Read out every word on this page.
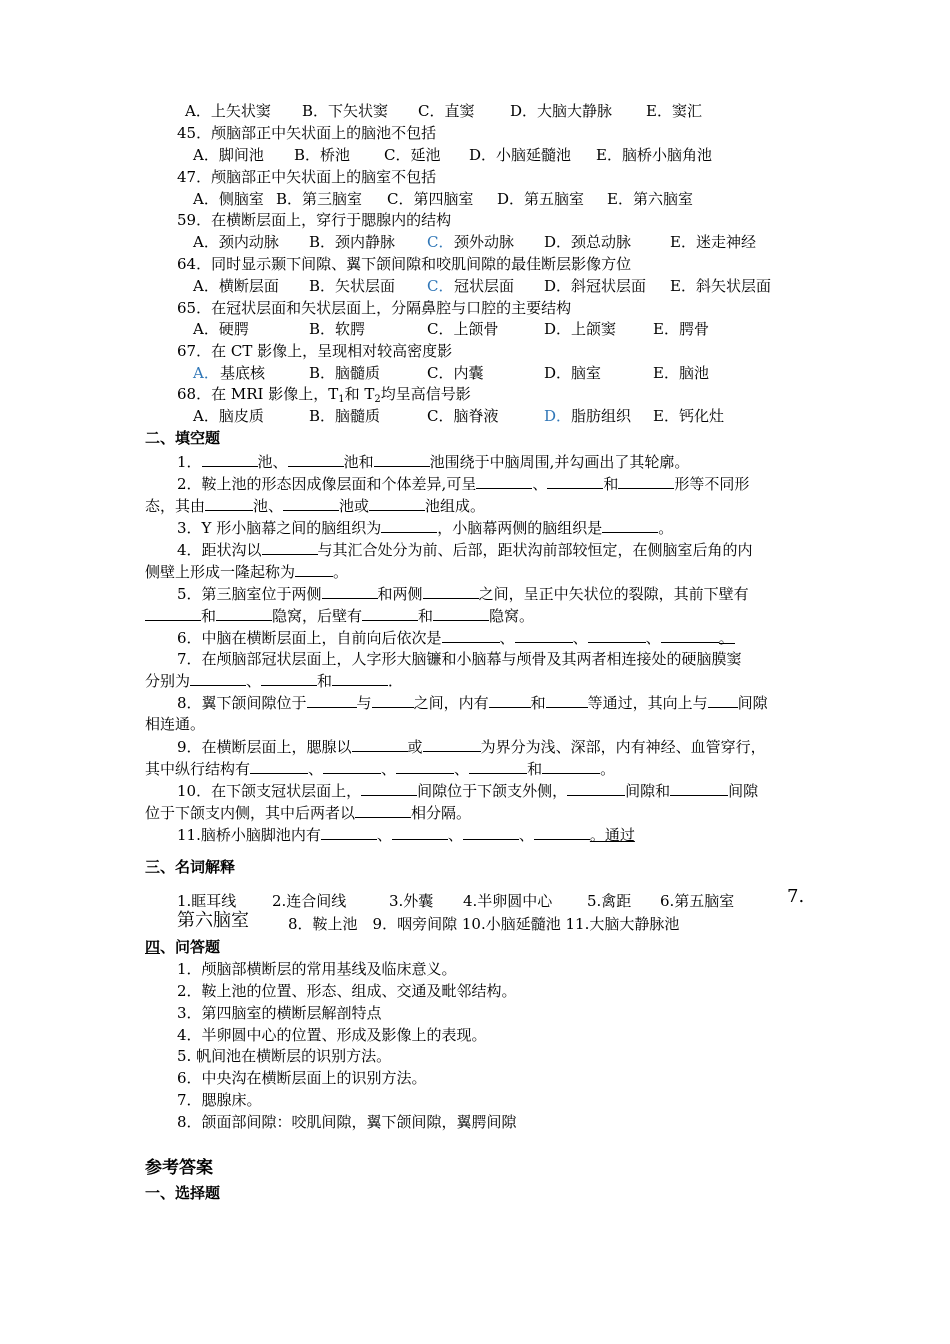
A．上矢状窦 B．下矢状窦 C．直窦 D．大脑大静脉 E．窦汇
45．颅脑部正中矢状面上的脑池不包括
A．脚间池 B．桥池 C．延池 D．小脑延髓池 E．脑桥小脑角池
47．颅脑部正中矢状面上的脑室不包括
A．侧脑室 B．第三脑室 C．第四脑室 D．第五脑室 E．第六脑室
59．在横断层面上，穿行于腮腺内的结构
A．颈内动脉 B．颈内静脉 C．颈外动脉 D．颈总动脉	E．迷走神经
64．同时显示颞下间隙、翼下颌间隙和咬肌间隙的最佳断层影像方位
A．横断层面 B．矢状层面 C．冠状层面 D．斜冠状层面 E．斜矢状层面
65．在冠状层面和矢状层面上，分隔鼻腔与口腔的主要结构
A．硬腭	B．软腭	C．上颌骨	D．上颌窦 E．腭骨
67．在 CT 影像上，呈现相对较高密度影
A．基底核	B．脑髓质	C．内囊	D．脑室	E．脑池
68．在 MRI 影像上，$T_1$和 $T_2$均呈高信号影
A．脑皮质	B．脑髓质	C．脑脊液	D．脂肪组织 E．钙化灶
二、填空题
1．	池、	池和	池围绕于中脑周围,并勾画出了其轮廓。
2．鞍上池的形态因成像层面和个体差异,可呈	、	和	形等不同形
态，其由	池、	池或	池组成。
3．Y 形小脑幕之间的脑组织为	，小脑幕两侧的脑组织是	。
4．距状沟以	与其汇合处分为前、后部，距状沟前部较恒定，在侧脑室后角的内
侧壁上形成一隆起称为	。
5．第三脑室位于两侧	和两侧	之间，呈正中矢状位的裂隙，其前下壁有
和	隐窝，后壁有	和	隐窝。
6．中脑在横断层面上，自前向后依次是	、	、	、	。
7．在颅脑部冠状层面上，人字形大脑镰和小脑幕与颅骨及其两者相连接处的硬脑膜窦
分别为	、	和	．
8．翼下颌间隙位于	与	之间，内有	和	等通过，其向上与 间隙
相连通。
9．在横断层面上，腮腺以	或	为界分为浅、深部，内有神经、血管穿行，
其中纵行结构有	、	、	、	和	。
10．在下颌支冠状层面上，	间隙位于下颌支外侧，	间隙和	间隙
位于下颌支内侧，其中后两者以	相分隔。
11.脑桥小脑脚池内有	、	、	、	。通过
三、名词解释
1.眶耳线 2.连合间线	3.外囊 4.半卵圆中心 5.禽距 6.第五脑室	7.
第六脑室	8．鞍上池　9．咽旁间隙 10.小脑延髓池 11.大脑大静脉池
四、问答题
1．颅脑部横断层的常用基线及临床意义。
2．鞍上池的位置、形态、组成、交通及毗邻结构。
3．第四脑室的横断层解剖特点
4．半卵圆中心的位置、形成及影像上的表现。
5. 帆间池在横断层的识别方法。
6．中央沟在横断层面上的识别方法。
7．腮腺床。
8．颌面部间隙：咬肌间隙，翼下颌间隙，翼腭间隙
参考答案
一、选择题
